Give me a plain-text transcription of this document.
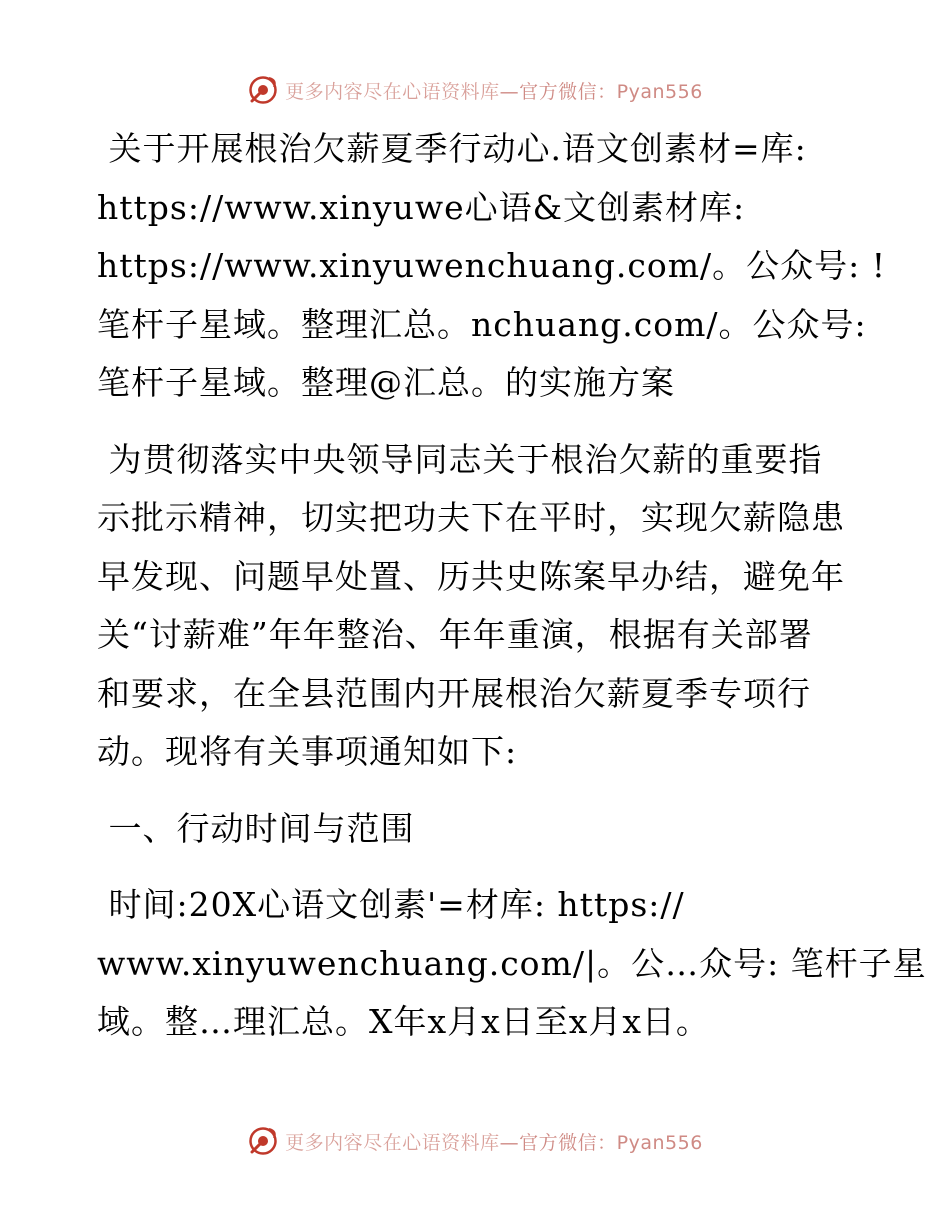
更多内容尽在心语资料库 —官方微信：Pyan556

关于开展根治欠薪夏季行动心.语文创素材=库:

https://www.xinyuwe心语&文创素材库:

https://www.xinyuwenchuang.com/。公众号: !

笔杆子星域。整理汇总。nchuang.com/。公众号:

笔杆子星域。整理@汇总。的实施方案

为贯彻落实中央领导同志关于根治欠薪的重要指

示批示精神，切实把功夫下在平时，实现欠薪隐患

早发现、问题早处置、历共史陈案早办结，避免年

关“讨薪难”年年整治、年年重演，根据有关部署

和要求，在全县范围内开展根治欠薪夏季专项行

动。现将有关事项通知如下:

一、行动时间与范围

时间:20X心语文创素'=材库: https://

www.xinyuwenchuang.com/|。公…众号: 笔杆子星

域。整…理汇总。X年x月x日至x月x日。

更多内容尽在心语资料库 —官方微信：Pyan556
